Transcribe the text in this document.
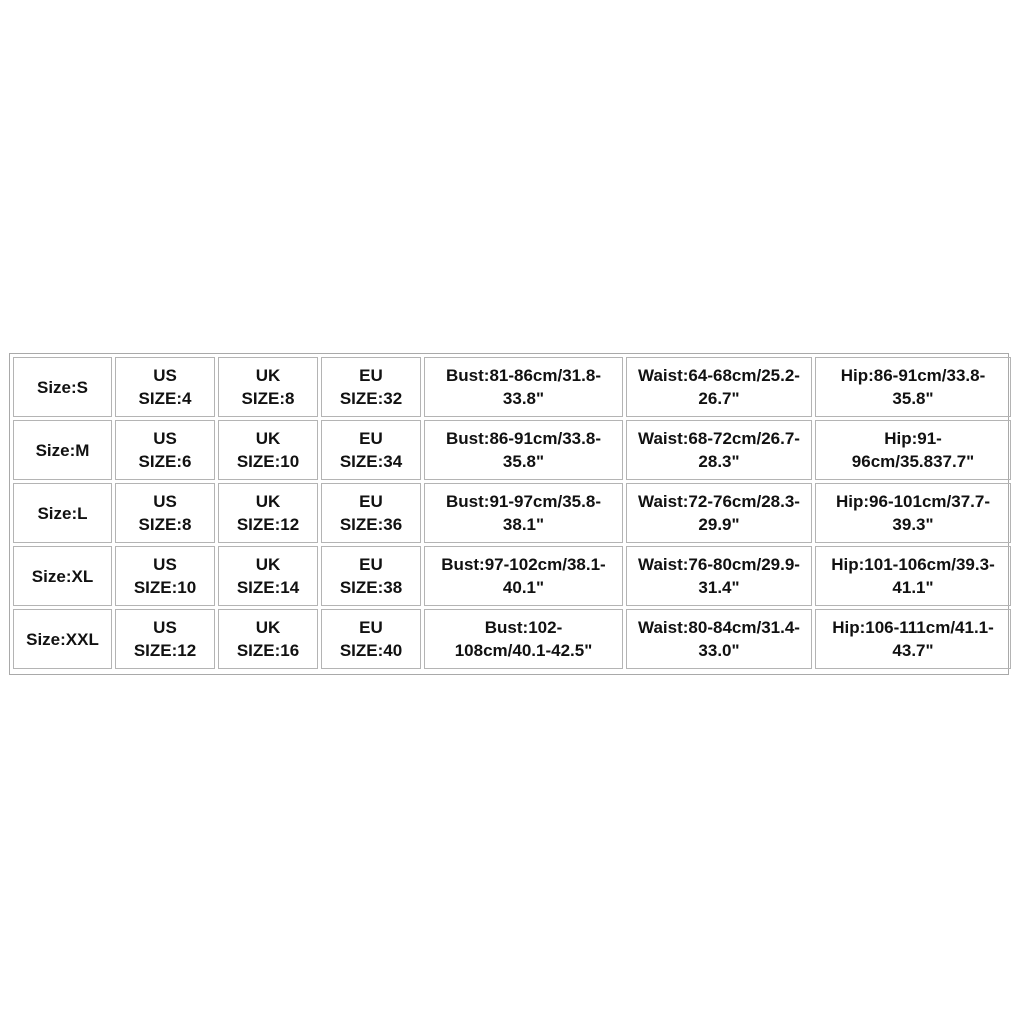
Size:S
US
SIZE:4
UK
SIZE:8
EU
SIZE:32
Bust:81-86cm/31.8-
33.8"
Waist:64-68cm/25.2-
26.7"
Hip:86-91cm/33.8-
35.8"
Size:M
US
SIZE:6
UK
SIZE:10
EU
SIZE:34
Bust:86-91cm/33.8-
35.8"
Waist:68-72cm/26.7-
28.3"
Hip:91-
96cm/35.837.7"
Size:L
US
SIZE:8
UK
SIZE:12
EU
SIZE:36
Bust:91-97cm/35.8-
38.1"
Waist:72-76cm/28.3-
29.9"
Hip:96-101cm/37.7-
39.3"
Size:XL
US
SIZE:10
UK
SIZE:14
EU
SIZE:38
Bust:97-102cm/38.1-
40.1"
Waist:76-80cm/29.9-
31.4"
Hip:101-106cm/39.3-
41.1"
Size:XXL
US
SIZE:12
UK
SIZE:16
EU
SIZE:40
Bust:102-
108cm/40.1-42.5"
Waist:80-84cm/31.4-
33.0"
Hip:106-111cm/41.1-
43.7"
